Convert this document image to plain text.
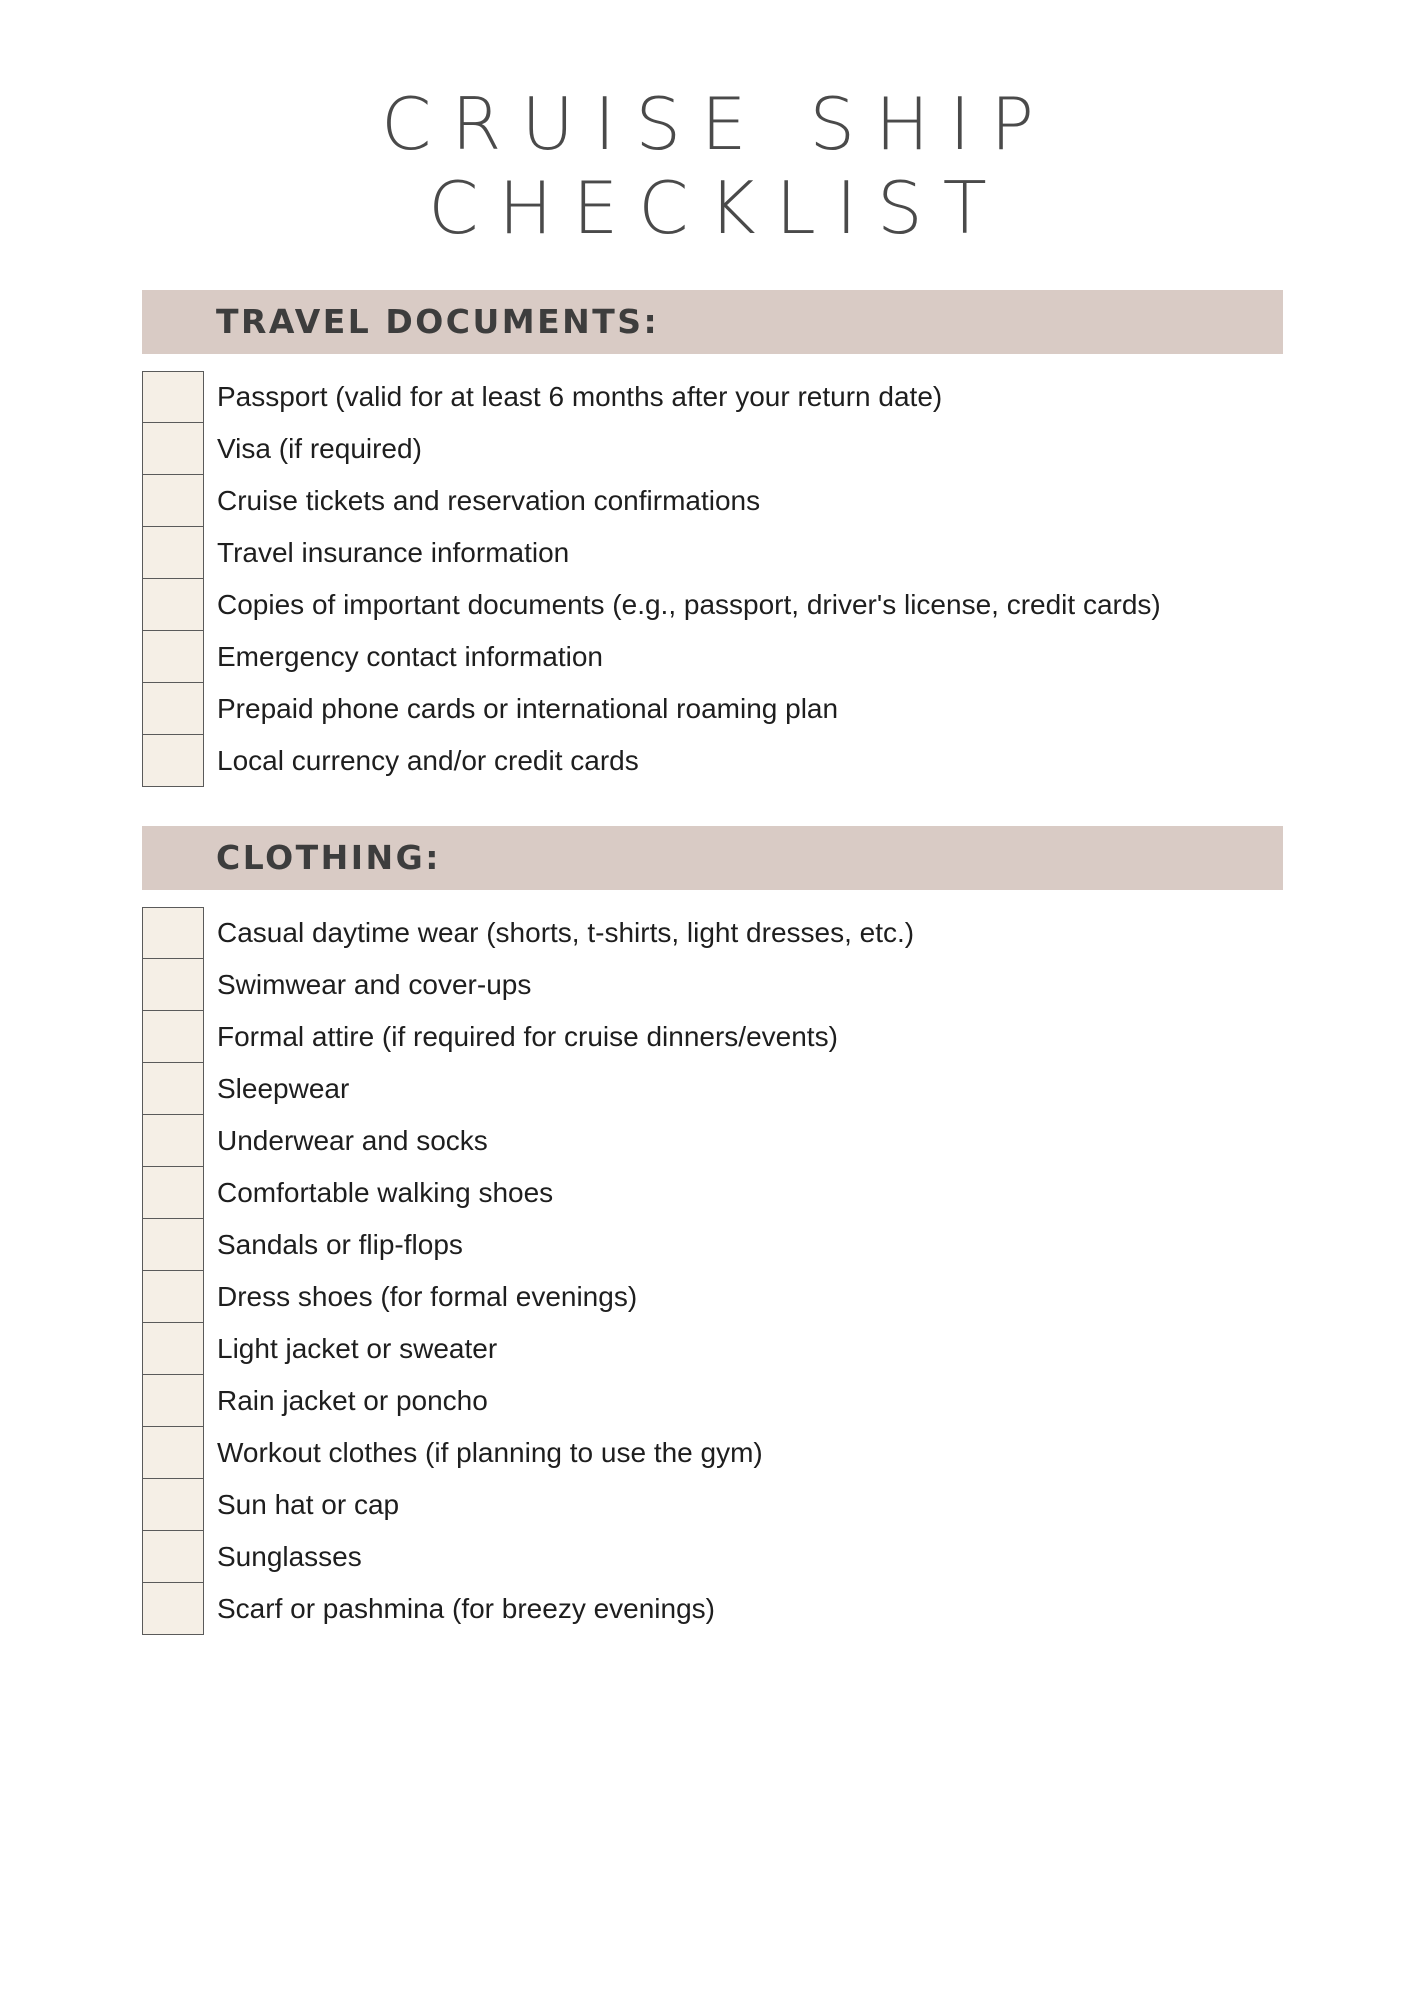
CRUISE SHIP
CHECKLIST
TRAVEL DOCUMENTS:
Passport (valid for at least 6 months after your return date)
Visa (if required)
Cruise tickets and reservation confirmations
Travel insurance information
Copies of important documents (e.g., passport, driver's license, credit cards)
Emergency contact information
Prepaid phone cards or international roaming plan
Local currency and/or credit cards
CLOTHING:
Casual daytime wear (shorts, t-shirts, light dresses, etc.)
Swimwear and cover-ups
Formal attire (if required for cruise dinners/events)
Sleepwear
Underwear and socks
Comfortable walking shoes
Sandals or flip-flops
Dress shoes (for formal evenings)
Light jacket or sweater
Rain jacket or poncho
Workout clothes (if planning to use the gym)
Sun hat or cap
Sunglasses
Scarf or pashmina (for breezy evenings)
